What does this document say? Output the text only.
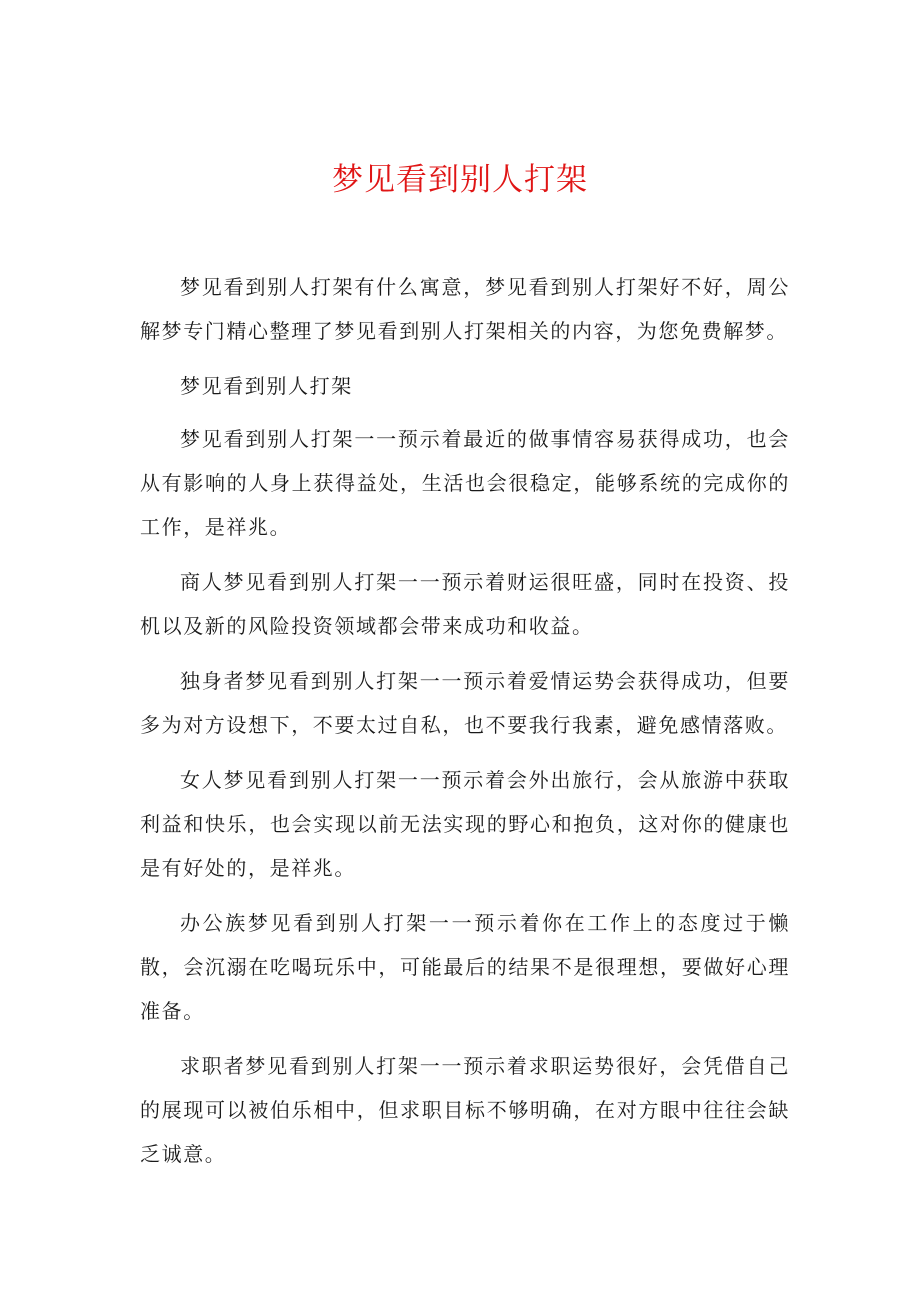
梦见看到别人打架

梦见看到别人打架有什么寓意，梦见看到别人打架好不好，周公解梦专门精心整理了梦见看到别人打架相关的内容，为您免费解梦。

梦见看到别人打架

梦见看到别人打架一一预示着最近的做事情容易获得成功，也会从有影响的人身上获得益处，生活也会很稳定，能够系统的完成你的工作，是祥兆。

商人梦见看到别人打架一一预示着财运很旺盛，同时在投资、投机以及新的风险投资领域都会带来成功和收益。

独身者梦见看到别人打架一一预示着爱情运势会获得成功，但要多为对方设想下，不要太过自私，也不要我行我素，避免感情落败。

女人梦见看到别人打架一一预示着会外出旅行，会从旅游中获取利益和快乐，也会实现以前无法实现的野心和抱负，这对你的健康也是有好处的，是祥兆。

办公族梦见看到别人打架一一预示着你在工作上的态度过于懒散，会沉溺在吃喝玩乐中，可能最后的结果不是很理想，要做好心理准备。

求职者梦见看到别人打架一一预示着求职运势很好，会凭借自己的展现可以被伯乐相中，但求职目标不够明确，在对方眼中往往会缺乏诚意。
